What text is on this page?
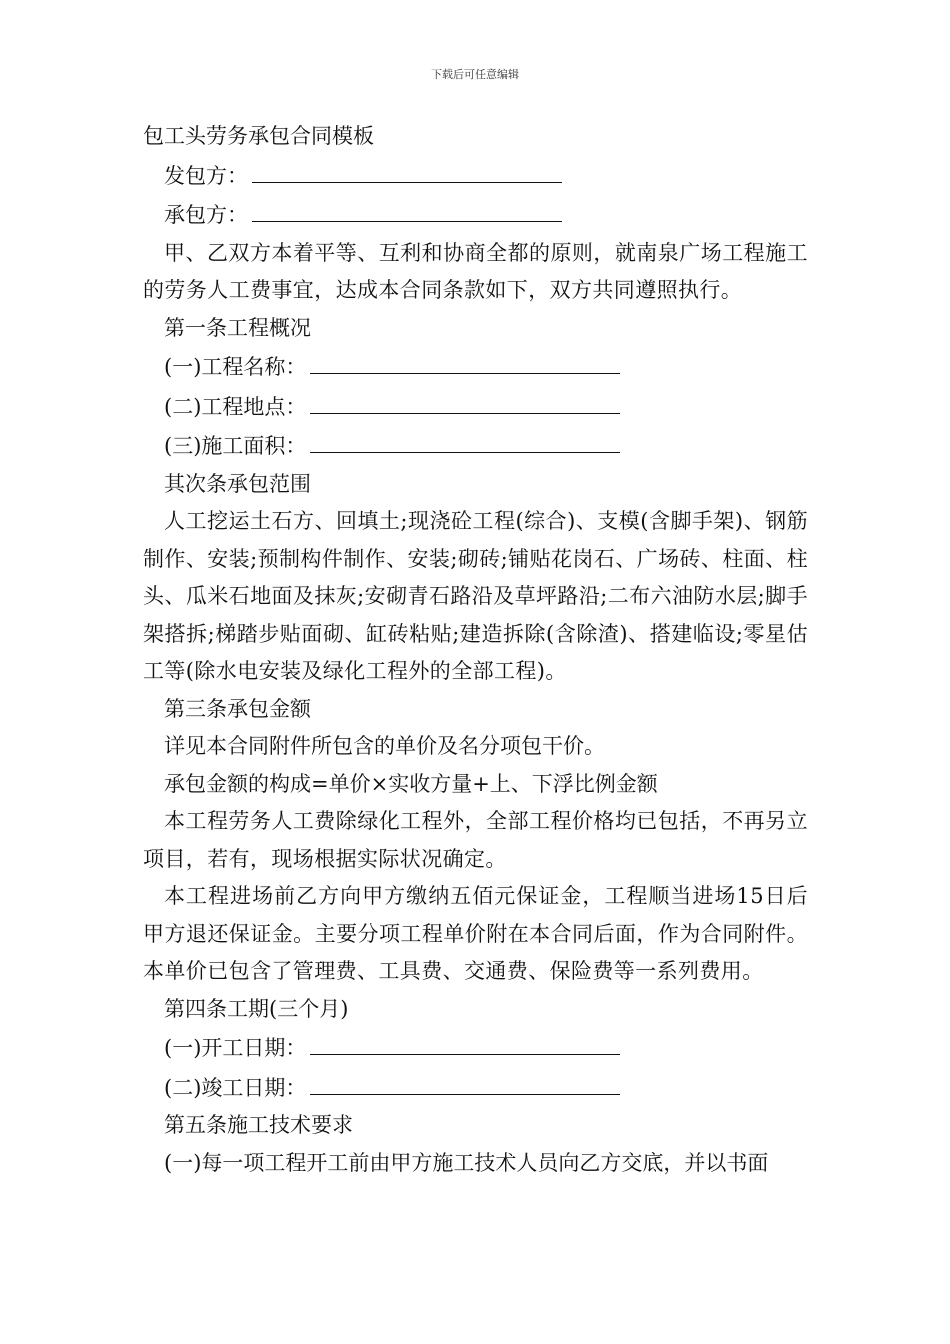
下载后可任意编辑
包工头劳务承包合同模板
发包方：
承包方：
甲、乙双方本着平等、互利和协商全都的原则，就南泉广场工程施工的劳务人工费事宜，达成本合同条款如下，双方共同遵照执行。
第一条工程概况
(一)工程名称：
(二)工程地点：
(三)施工面积：
其次条承包范围
人工挖运土石方、回填土;现浇砼工程(综合)、支模(含脚手架)、钢筋制作、安装;预制构件制作、安装;砌砖;铺贴花岗石、广场砖、柱面、柱头、瓜米石地面及抹灰;安砌青石路沿及草坪路沿;二布六油防水层;脚手架搭拆;梯踏步贴面砌、缸砖粘贴;建造拆除(含除渣)、搭建临设;零星估工等(除水电安装及绿化工程外的全部工程)。
第三条承包金额
详见本合同附件所包含的单价及名分项包干价。
承包金额的构成=单价×实收方量+上、下浮比例金额
本工程劳务人工费除绿化工程外，全部工程价格均已包括，不再另立项目，若有，现场根据实际状况确定。
本工程进场前乙方向甲方缴纳五佰元保证金，工程顺当进场15日后甲方退还保证金。主要分项工程单价附在本合同后面，作为合同附件。本单价已包含了管理费、工具费、交通费、保险费等一系列费用。
第四条工期(三个月)
(一)开工日期：
(二)竣工日期：
第五条施工技术要求
(一)每一项工程开工前由甲方施工技术人员向乙方交底，并以书面
